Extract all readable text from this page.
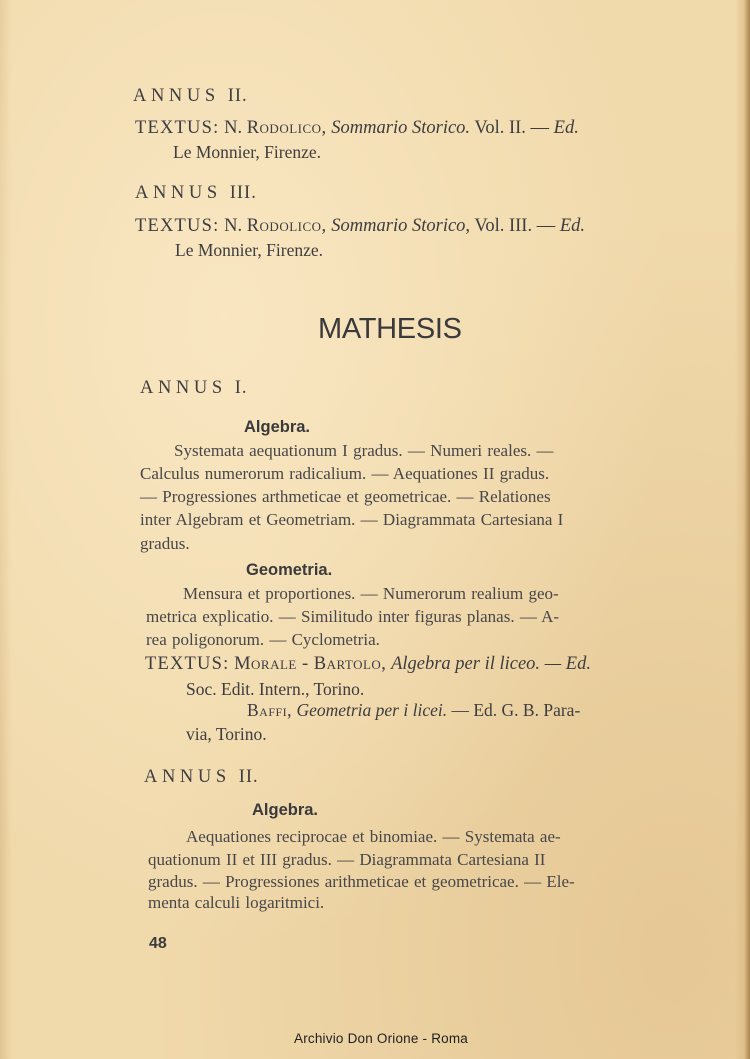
ANNUS II.
TEXTUS: N. Rodolico, Sommario Storico. Vol. II. — Ed.
Le Monnier, Firenze.
ANNUS III.
TEXTUS: N. Rodolico, Sommario Storico, Vol. III. — Ed.
Le Monnier, Firenze.
MATHESIS
ANNUS I.
Algebra.
Systemata aequationum I gradus. — Numeri reales. —
Calculus numerorum radicalium. — Aequationes II gradus.
— Progressiones arthmeticae et geometricae. — Relationes
inter Algebram et Geometriam. — Diagrammata Cartesiana I
gradus.
Geometria.
Mensura et proportiones. — Numerorum realium geo-
metrica explicatio. — Similitudo inter figuras planas. — A-
rea poligonorum. — Cyclometria.
TEXTUS: Morale - Bartolo, Algebra per il liceo. — Ed.
Soc. Edit. Intern., Torino.
Baffi, Geometria per i licei. — Ed. G. B. Para-
via, Torino.
ANNUS II.
Algebra.
Aequationes reciprocae et binomiae. — Systemata ae-
quationum II et III gradus. — Diagrammata Cartesiana II
gradus. — Progressiones arithmeticae et geometricae. — Ele-
menta calculi logaritmici.
48
Archivio Don Orione - Roma
